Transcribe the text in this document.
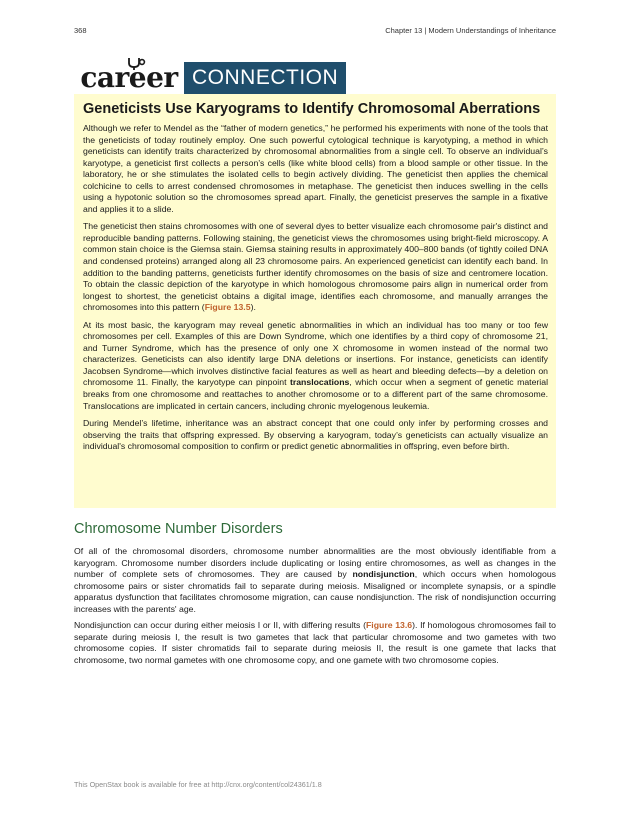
368	Chapter 13 | Modern Understandings of Inheritance
career CONNECTION
Geneticists Use Karyograms to Identify Chromosomal Aberrations

Although we refer to Mendel as the “father of modern genetics,” he performed his experiments with none of the tools that the geneticists of today routinely employ. One such powerful cytological technique is karyotyping, a method in which geneticists can identify traits characterized by chromosomal abnormalities from a single cell. To observe an individual’s karyotype, a geneticist first collects a person’s cells (like white blood cells) from a blood sample or other tissue. In the laboratory, he or she stimulates the isolated cells to begin actively dividing. The geneticist then applies the chemical colchicine to cells to arrest condensed chromosomes in metaphase. The geneticist then induces swelling in the cells using a hypotonic solution so the chromosomes spread apart. Finally, the geneticist preserves the sample in a fixative and applies it to a slide.

The geneticist then stains chromosomes with one of several dyes to better visualize each chromosome pair's distinct and reproducible banding patterns. Following staining, the geneticist views the chromosomes using bright-field microscopy. A common stain choice is the Giemsa stain. Giemsa staining results in approximately 400–800 bands (of tightly coiled DNA and condensed proteins) arranged along all 23 chromosome pairs. An experienced geneticist can identify each band. In addition to the banding patterns, geneticists further identify chromosomes on the basis of size and centromere location. To obtain the classic depiction of the karyotype in which homologous chromosome pairs align in numerical order from longest to shortest, the geneticist obtains a digital image, identifies each chromosome, and manually arranges the chromosomes into this pattern (Figure 13.5).

At its most basic, the karyogram may reveal genetic abnormalities in which an individual has too many or too few chromosomes per cell. Examples of this are Down Syndrome, which one identifies by a third copy of chromosome 21, and Turner Syndrome, which has the presence of only one X chromosome in women instead of the normal two characterizes. Geneticists can also identify large DNA deletions or insertions. For instance, geneticists can identify Jacobsen Syndrome—which involves distinctive facial features as well as heart and bleeding defects—by a deletion on chromosome 11. Finally, the karyotype can pinpoint translocations, which occur when a segment of genetic material breaks from one chromosome and reattaches to another chromosome or to a different part of the same chromosome. Translocations are implicated in certain cancers, including chronic myelogenous leukemia.

During Mendel’s lifetime, inheritance was an abstract concept that one could only infer by performing crosses and observing the traits that offspring expressed. By observing a karyogram, today’s geneticists can actually visualize an individual's chromosomal composition to confirm or predict genetic abnormalities in offspring, even before birth.

Chromosome Number Disorders

Of all of the chromosomal disorders, chromosome number abnormalities are the most obviously identifiable from a karyogram. Chromosome number disorders include duplicating or losing entire chromosomes, as well as changes in the number of complete sets of chromosomes. They are caused by nondisjunction, which occurs when homologous chromosome pairs or sister chromatids fail to separate during meiosis. Misaligned or incomplete synapsis, or a spindle apparatus dysfunction that facilitates chromosome migration, can cause nondisjunction. The risk of nondisjunction occurring increases with the parents' age.

Nondisjunction can occur during either meiosis I or II, with differing results (Figure 13.6). If homologous chromosomes fail to separate during meiosis I, the result is two gametes that lack that particular chromosome and two gametes with two chromosome copies. If sister chromatids fail to separate during meiosis II, the result is one gamete that lacks that chromosome, two normal gametes with one chromosome copy, and one gamete with two chromosome copies.

This OpenStax book is available for free at http://cnx.org/content/col24361/1.8
